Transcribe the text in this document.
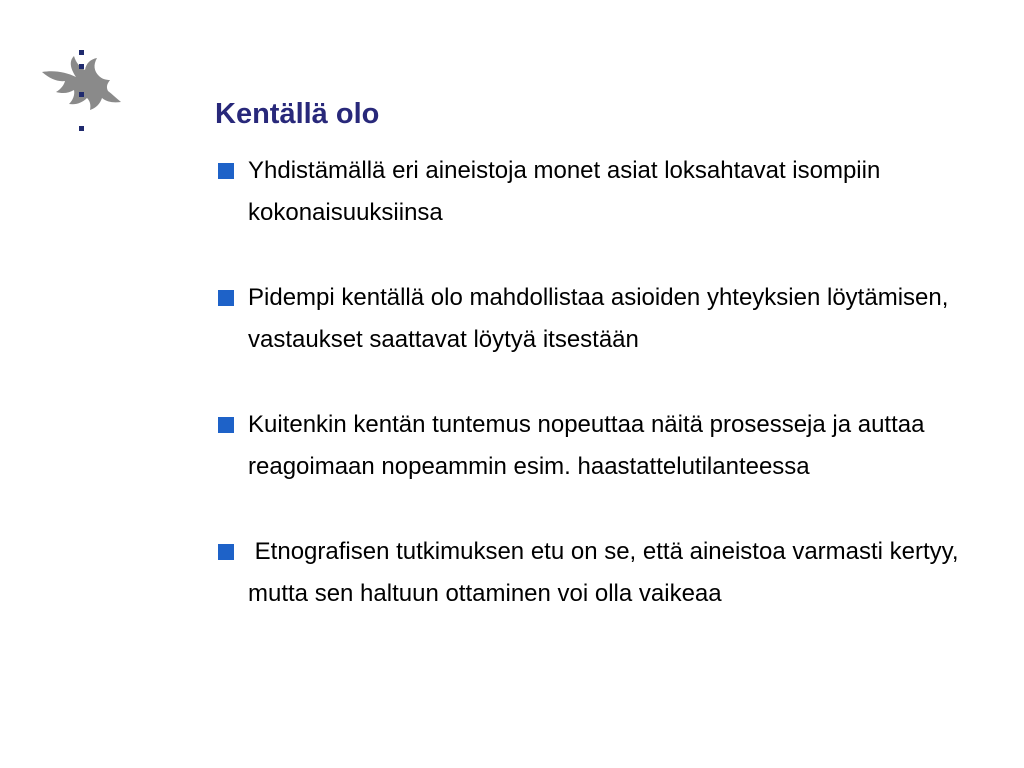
Kentällä olo
Yhdistämällä eri aineistoja monet asiat loksahtavat isompiin kokonaisuuksiinsa
Pidempi kentällä olo mahdollistaa asioiden yhteyksien löytämisen, vastaukset saattavat löytyä itsestään
Kuitenkin kentän tuntemus nopeuttaa näitä prosesseja ja auttaa reagoimaan nopeammin esim. haastattelutilanteessa
Etnografisen tutkimuksen etu on se, että aineistoa varmasti kertyy, mutta sen haltuun ottaminen voi olla vaikeaa
